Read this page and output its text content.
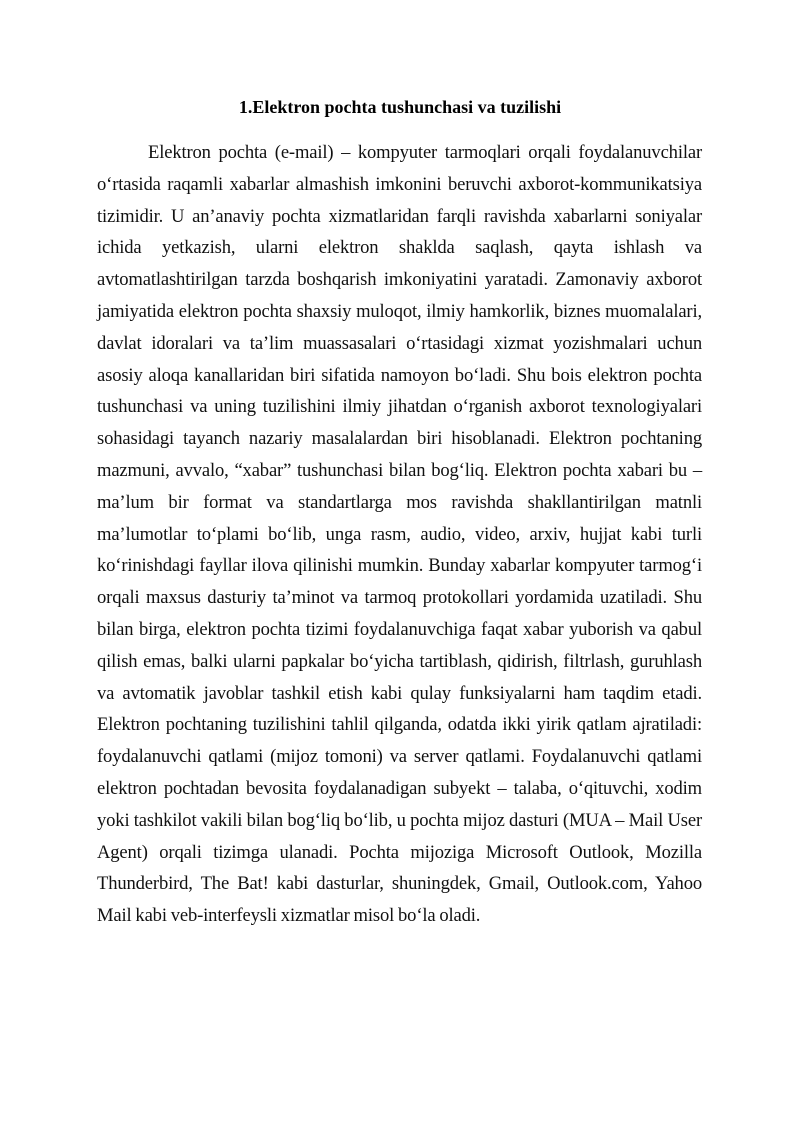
1.Elektron pochta tushunchasi va tuzilishi

Elektron pochta (e-mail) – kompyuter tarmoqlari orqali foydalanuvchilar oʻrtasida raqamli xabarlar almashish imkonini beruvchi axborot-kommunikatsiya tizimidir. U anʼanaviy pochta xizmatlaridan farqli ravishda xabarlarni soniyalar ichida yetkazish, ularni elektron shaklda saqlash, qayta ishlash va avtomatlashtirilgan tarzda boshqarish imkoniyatini yaratadi. Zamonaviy axborot jamiyatida elektron pochta shaxsiy muloqot, ilmiy hamkorlik, biznes muomalalari, davlat idoralari va taʼlim muassasalari oʻrtasidagi xizmat yozishmalari uchun asosiy aloqa kanallaridan biri sifatida namoyon boʻladi. Shu bois elektron pochta tushunchasi va uning tuzilishini ilmiy jihatdan oʻrganish axborot texnologiyalari sohasidagi tayanch nazariy masalalardan biri hisoblanadi. Elektron pochtaning mazmuni, avvalo, “xabar” tushunchasi bilan bogʻliq. Elektron pochta xabari bu – maʼlum bir format va standartlarga mos ravishda shakllantirilgan matnli maʼlumotlar toʻplami boʻlib, unga rasm, audio, video, arxiv, hujjat kabi turli koʻrinishdagi fayllar ilova qilinishi mumkin. Bunday xabarlar kompyuter tarmogʻi orqali maxsus dasturiy taʼminot va tarmoq protokollari yordamida uzatiladi. Shu bilan birga, elektron pochta tizimi foydalanuvchiga faqat xabar yuborish va qabul qilish emas, balki ularni papkalar boʻyicha tartiblash, qidirish, filtrlash, guruhlash va avtomatik javoblar tashkil etish kabi qulay funksiyalarni ham taqdim etadi. Elektron pochtaning tuzilishini tahlil qilganda, odatda ikki yirik qatlam ajratiladi: foydalanuvchi qatlami (mijoz tomoni) va server qatlami. Foydalanuvchi qatlami elektron pochtadan bevosita foydalanadigan subyekt – talaba, oʻqituvchi, xodim yoki tashkilot vakili bilan bogʻliq boʻlib, u pochta mijoz dasturi (MUA – Mail User Agent) orqali tizimga ulanadi. Pochta mijoziga Microsoft Outlook, Mozilla Thunderbird, The Bat! kabi dasturlar, shuningdek, Gmail, Outlook.com, Yahoo Mail kabi veb-interfeysli xizmatlar misol boʻla oladi.
